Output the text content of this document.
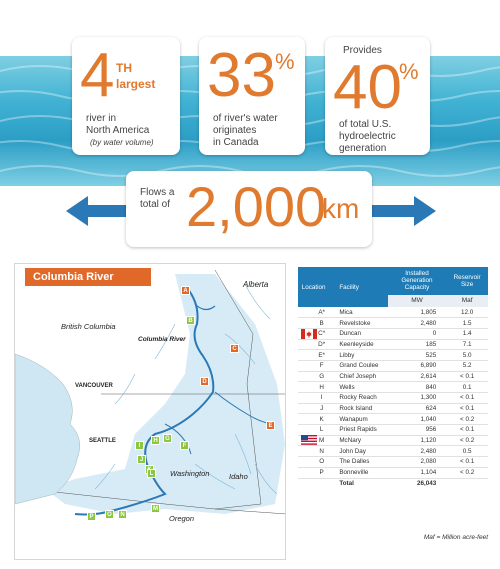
4 TH
largest
river in
North America
(by water volume)
33 %
of river's water
originates
in Canada
Provides
40
%
of total U.S.
hydroelectric
generation
Flows a
total of 2,000
km
Columbia River System	A
B
C
D
E
F
G
H
I
J
L
M
N
O
P
Alberta
British Columbia
Columbia River
VANCOUVER
SEATTLE
Washington	Idaho
Oregon
Location	Facility	Installed Generation Capacity	Reservoir Size
		MW	Maf
A*	Mica	1,805	12.0
B	Revelstoke	2,480	1.5
C*	Duncan	0	1.4
D*	Keenleyside	185	7.1
E*	Libby	525	5.0
F	Grand Coulee	6,890	5.2
G	Chief Joseph	2,614	< 0.1
H	Wells	840	0.1
I	Rocky Reach	1,300	< 0.1
J	Rock Island	624	< 0.1
K	Wanapum	1,040	< 0.2
L	Priest Rapids	956	< 0.1
M	McNary	1,120	< 0.2
N	John Day	2,480	0.5
O	The Dalles	2,080	< 0.1
P	Bonneville	1,104	< 0.2
	Total	26,043	
Maf = Million acre-feet
